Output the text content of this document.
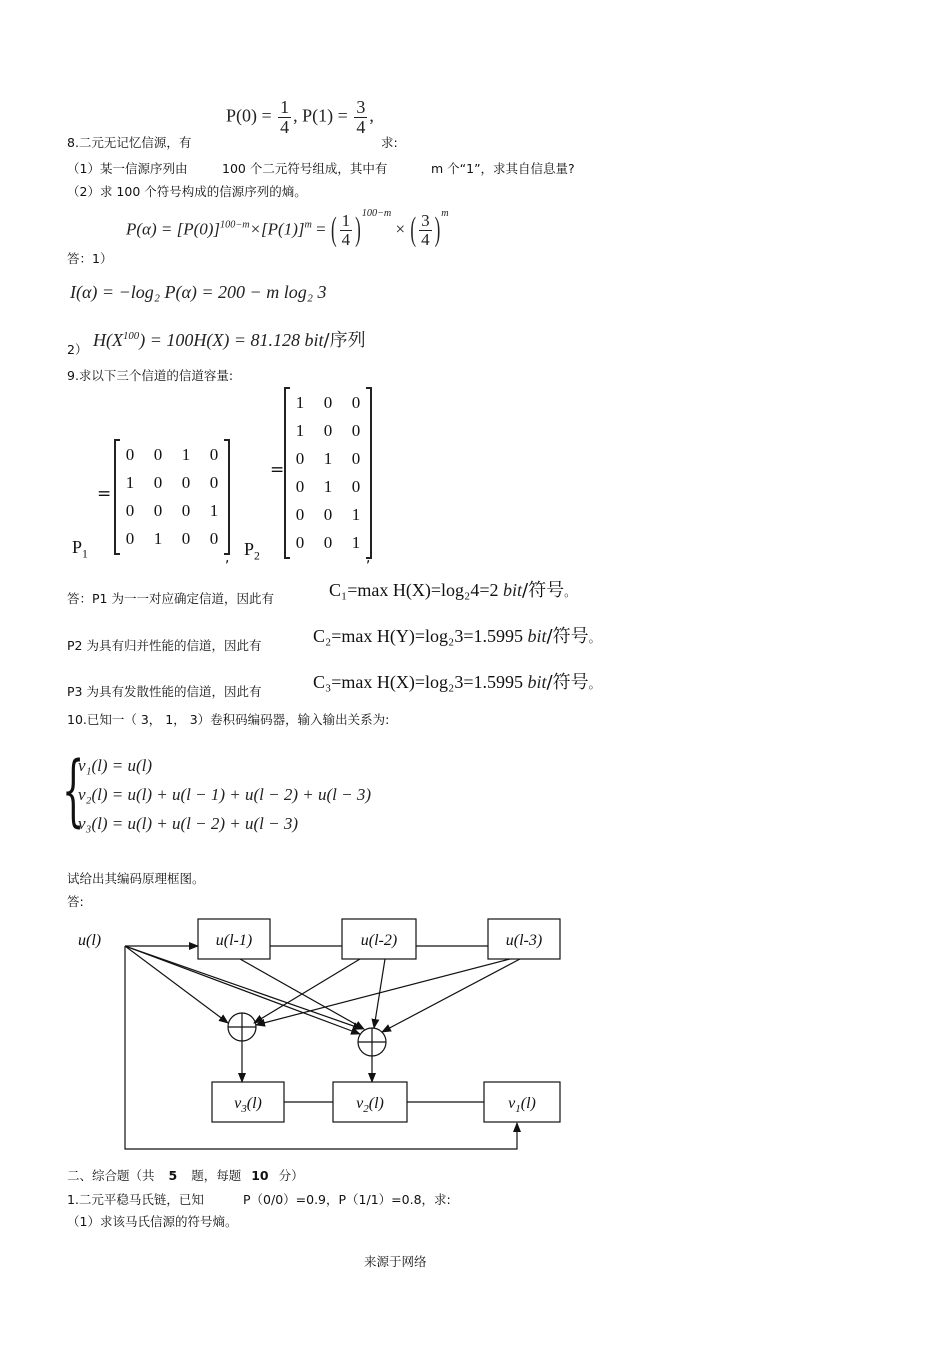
$P(0) = \frac{1}{4}$ , $P(1) = \frac{3}{4}$ ,
8.二元无记忆信源，有	求:
（1）某一信源序列由	100 个二元符号组成，其中有	m 个“1”，求其自信息量?
（2）求 100 个符号构成的信源序列的熵。
$P(\alpha) = [P(0)]^{100-m}\times[P(1)]^m$ = ( $\frac{1}{4} )^{100-m}$ × ( $\frac{3}{4} )^m$
答：1）
I(α) = −log₂ P(α) = 200 − m log₂ 3
2） $H(X^{100}) = 100H(X) = 81.128$ bit/序列
9.求以下三个信道的信道容量:
=
0	0	1	0
1	0	0	0
0	0	0	1
0	1	0	0
,
$P_1$
=
1	0	0
1	0	0
0	1	0
0	1	0
0	0	1
0	0	1
,
$P_2$
答：P1 为一一对应确定信道，因此有	C₁=max H(X)=log₂4=2 bit/符号。
P2 为具有归并性能的信道，因此有	C₂=max H(Y)=log₂3=1.5995 bit/符号。
P3 为具有发散性能的信道，因此有	C₃=max H(X)=log₂3=1.5995 bit/符号。
10.已知一（ 3， 1， 3）卷积码编码器，输入输出关系为:
{
v₁(l) = u(l)
v₂(l) = u(l) + u(l − 1) + u(l − 2) + u(l − 3)
v₃(l) = u(l) + u(l − 2) + u(l − 3)
试给出其编码原理框图。
答:
u(l)	u(l-1)	u(l-2)	u(l-3)
$v_3(l)$	$v_2(l)$	$v_1(l)$
二、综合题（共 5 题，每题 10 分）
1.二元平稳马氏链，已知	P（0/0）=0.9，P（1/1）=0.8，求:
（1）求该马氏信源的符号熵。
来源于网络
